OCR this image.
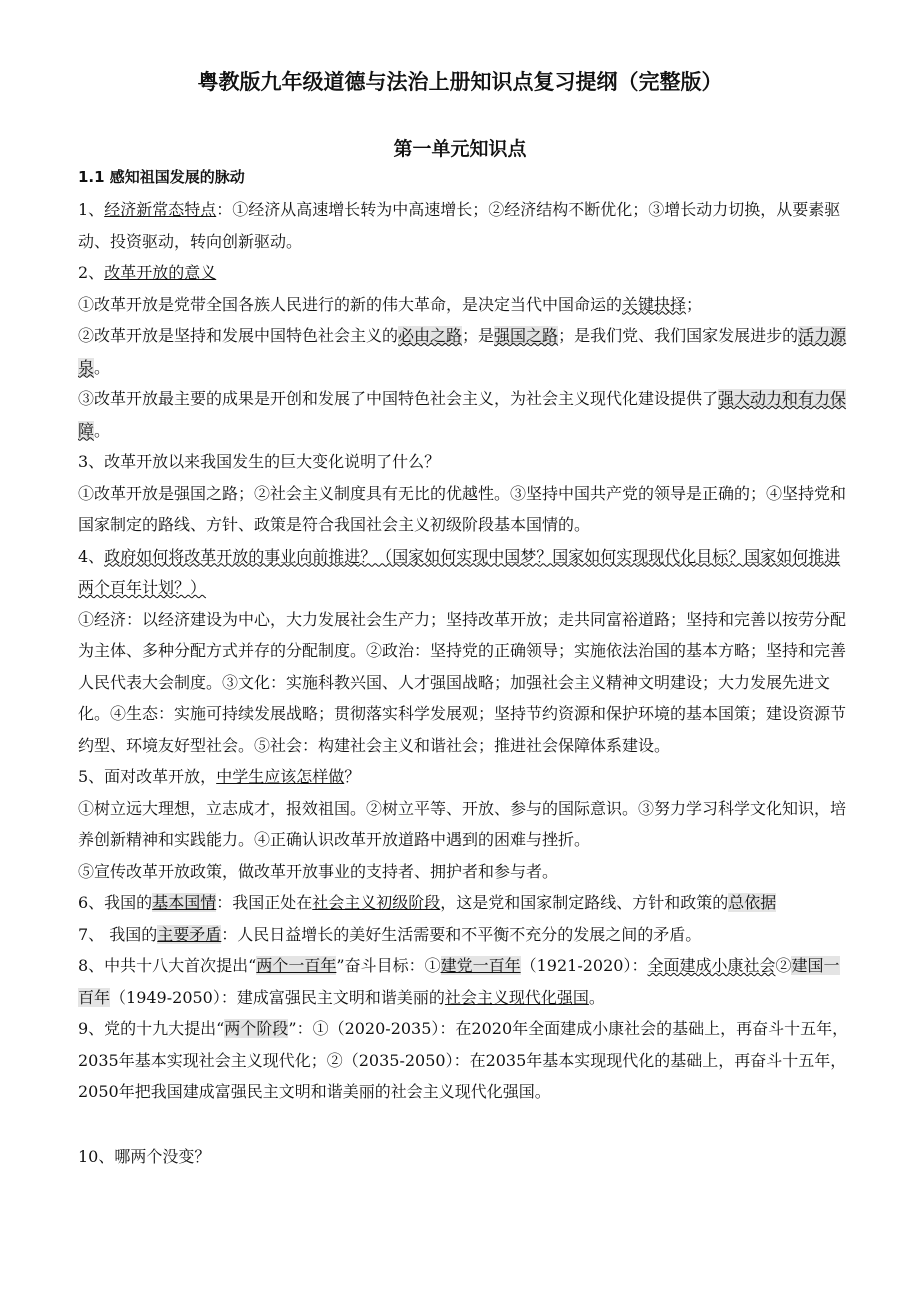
粤教版九年级道德与法治上册知识点复习提纲（完整版）
第一单元知识点
1.1 感知祖国发展的脉动

1、经济新常态特点：①经济从高速增长转为中高速增长；②经济结构不断优化；③增长动力切换，从要素驱动、投资驱动，转向创新驱动。

2、改革开放的意义

①改革开放是党带全国各族人民进行的新的伟大革命，是决定当代中国命运的关键抉择；

②改革开放是坚持和发展中国特色社会主义的必由之路；是强国之路；是我们党、我们国家发展进步的活力源泉。

③改革开放最主要的成果是开创和发展了中国特色社会主义，为社会主义现代化建设提供了强大动力和有力保障。

3、改革开放以来我国发生的巨大变化说明了什么？

①改革开放是强国之路；②社会主义制度具有无比的优越性。③坚持中国共产党的领导是正确的；④坚持党和国家制定的路线、方针、政策是符合我国社会主义初级阶段基本国情的。

4、政府如何将改革开放的事业向前推进？（国家如何实现中国梦？国家如何实现现代化目标？国家如何推进两个百年计划？）

①经济：以经济建设为中心，大力发展社会生产力；坚持改革开放；走共同富裕道路；坚持和完善以按劳分配为主体、多种分配方式并存的分配制度。②政治：坚持党的正确领导；实施依法治国的基本方略；坚持和完善人民代表大会制度。③文化：实施科教兴国、人才强国战略；加强社会主义精神文明建设；大力发展先进文化。④生态：实施可持续发展战略；贯彻落实科学发展观；坚持节约资源和保护环境的基本国策；建设资源节约型、环境友好型社会。⑤社会：构建社会主义和谐社会；推进社会保障体系建设。

5、面对改革开放，中学生应该怎样做？

①树立远大理想，立志成才，报效祖国。②树立平等、开放、参与的国际意识。③努力学习科学文化知识，培养创新精神和实践能力。④正确认识改革开放道路中遇到的困难与挫折。

⑤宣传改革开放政策，做改革开放事业的支持者、拥护者和参与者。

6、我国的基本国情：我国正处在社会主义初级阶段，这是党和国家制定路线、方针和政策的总依据

7、 我国的主要矛盾：人民日益增长的美好生活需要和不平衡不充分的发展之间的矛盾。

8、中共十八大首次提出“两个一百年”奋斗目标：①建党一百年（1921-2020）：全面建成小康社会②建国一百年（1949-2050）：建成富强民主文明和谐美丽的社会主义现代化强国。

9、党的十九大提出“两个阶段”：①（2020-2035）：在2020年全面建成小康社会的基础上，再奋斗十五年，2035年基本实现社会主义现代化；②（2035-2050）：在2035年基本实现现代化的基础上，再奋斗十五年，2050年把我国建成富强民主文明和谐美丽的社会主义现代化强国。

10、哪两个没变？
